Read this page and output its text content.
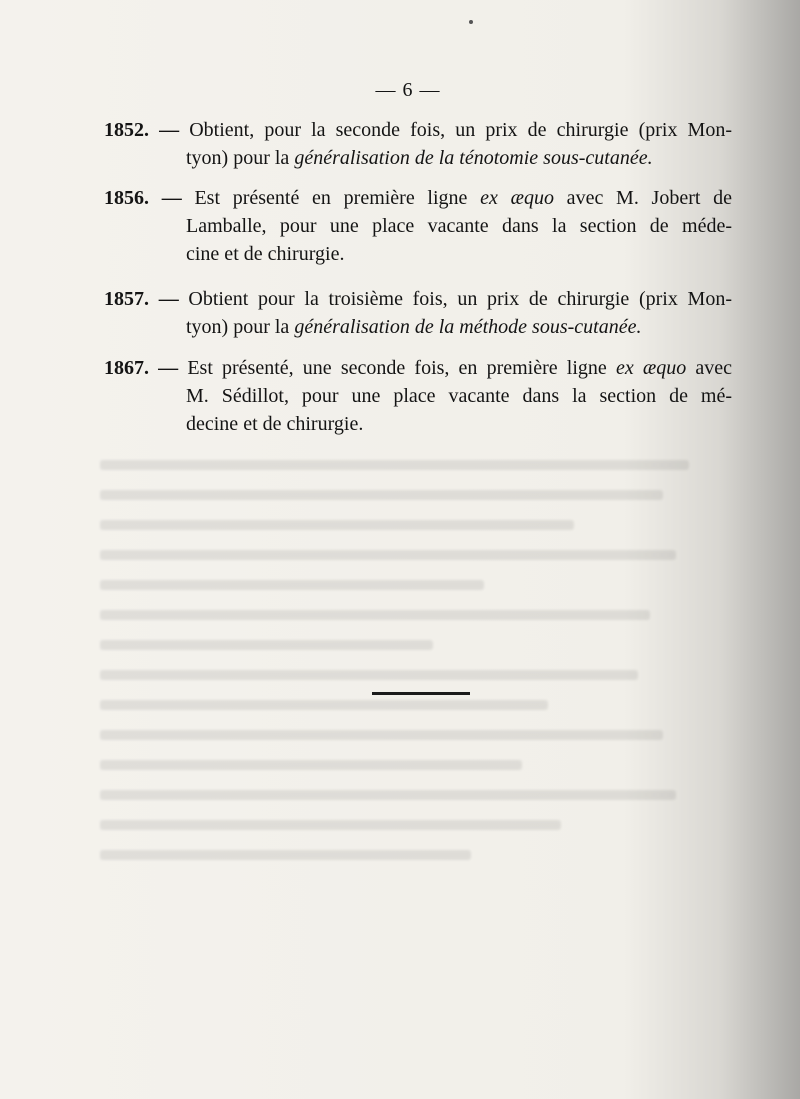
— 6 —
1852. — Obtient, pour la seconde fois, un prix de chirurgie (prix Mon-
tyon) pour la généralisation de la ténotomie sous-cutanée.
1856. — Est présenté en première ligne ex æquo avec M. Jobert de
Lamballe, pour une place vacante dans la section de méde-
cine et de chirurgie.
1857. — Obtient pour la troisième fois, un prix de chirurgie (prix Mon-
tyon) pour la généralisation de la méthode sous-cutanée.
1867. — Est présenté, une seconde fois, en première ligne ex æquo avec
M. Sédillot, pour une place vacante dans la section de mé-
decine et de chirurgie.
